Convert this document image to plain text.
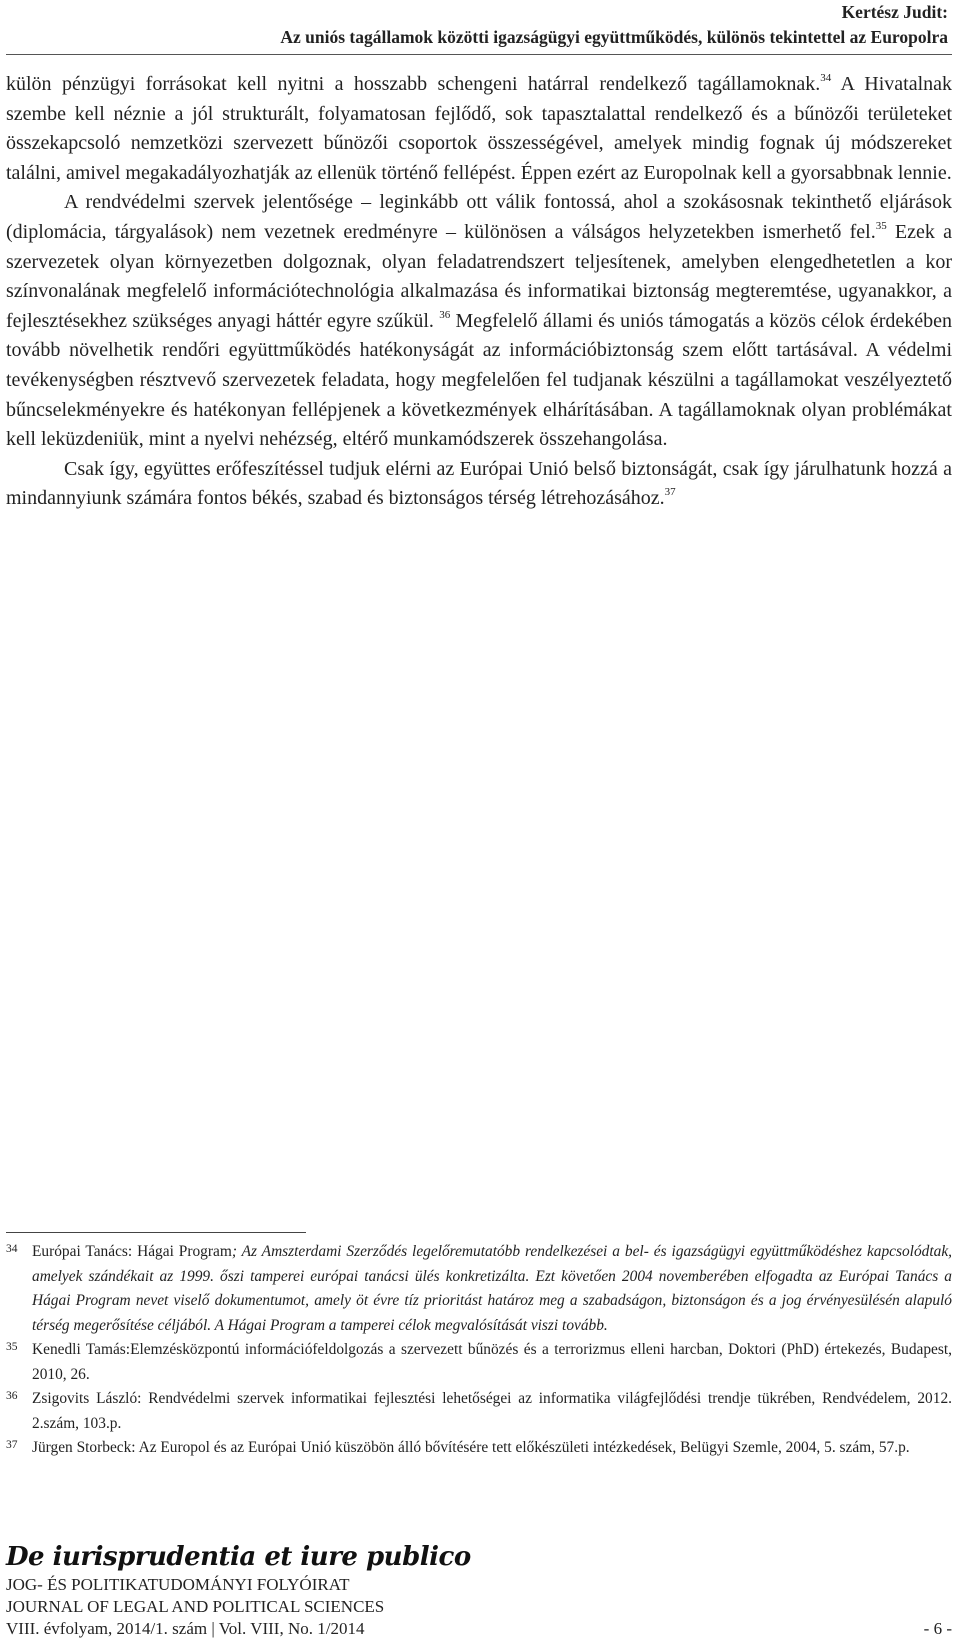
Kertész Judit:
Az uniós tagállamok közötti igazságügyi együttműködés, különös tekintettel az Europolra

külön pénzügyi forrásokat kell nyitni a hosszabb schengeni határral rendelkező tagállamoknak.$^{34}$ A Hivatalnak szembe kell néznie a jól strukturált, folyamatosan fejlődő, sok tapasztalattal rendelkező és a bűnözői területeket összekapcsoló nemzetközi szervezett bűnözői csoportok összességével, amelyek mindig fognak új módszereket találni, amivel megakadályozhatják az ellenük történő fellépést. Éppen ezért az Europolnak kell a gyorsabbnak lennie.

A rendvédelmi szervek jelentősége – leginkább ott válik fontossá, ahol a szokásosnak tekinthető eljárások (diplomácia, tárgyalások) nem vezetnek eredményre – különösen a válságos helyzetekben ismerhető fel.$^{35}$ Ezek a szervezetek olyan környezetben dolgoznak, olyan feladatrendszert teljesítenek, amelyben elengedhetetlen a kor színvonalának megfelelő információtechnológia alkalmazása és informatikai biztonság megteremtése, ugyanakkor, a fejlesztésekhez szükséges anyagi háttér egyre szűkül. $^{36}$ Megfelelő állami és uniós támogatás a közös célok érdekében tovább növelhetik rendőri együttműködés hatékonyságát az információbiztonság szem előtt tartásával. A védelmi tevékenységben résztvevő szervezetek feladata, hogy megfelelően fel tudjanak készülni a tagállamokat veszélyeztető bűncselekményekre és hatékonyan fellépjenek a következmények elhárításában. A tagállamoknak olyan problémákat kell leküzdeniük, mint a nyelvi nehézség, eltérő munkamódszerek összehangolása.

Csak így, együttes erőfeszítéssel tudjuk elérni az Európai Unió belső biztonságát, csak így járulhatunk hozzá a mindannyiunk számára fontos békés, szabad és biztonságos térség létrehozásához.$^{37}$

34 Európai Tanács: Hágai Program; Az Amszterdami Szerződés legelőremutatóbb rendelkezései a bel- és igazságügyi együttműködéshez kapcsolódtak, amelyek szándékait az 1999. őszi tamperei európai tanácsi ülés konkretizálta. Ezt követően 2004 novemberében elfogadta az Európai Tanács a Hágai Program nevet viselő dokumentumot, amely öt évre tíz prioritást határoz meg a szabadságon, biztonságon és a jog érvényesülésén alapuló térség megerősítése céljából. A Hágai Program a tamperei célok megvalósítását viszi tovább.

35 Kenedli Tamás:Elemzésközpontú információfeldolgozás a szervezett bűnözés és a terrorizmus elleni harcban, Doktori (PhD) értekezés, Budapest, 2010, 26.

36 Zsigovits László: Rendvédelmi szervek informatikai fejlesztési lehetőségei az informatika világfejlődési trendje tükrében, Rendvédelem, 2012. 2.szám, 103.p.

37 Jürgen Storbeck: Az Europol és az Európai Unió küszöbön álló bővítésére tett előkészületi intézkedések, Belügyi Szemle, 2004, 5. szám, 57.p.

De iurisprudentia et iure publico
JOG- ÉS POLITIKATUDOMÁNYI FOLYÓIRAT
JOURNAL OF LEGAL AND POLITICAL SCIENCES
VIII. évfolyam, 2014/1. szám | Vol. VIII, No. 1/2014	- 6 -
